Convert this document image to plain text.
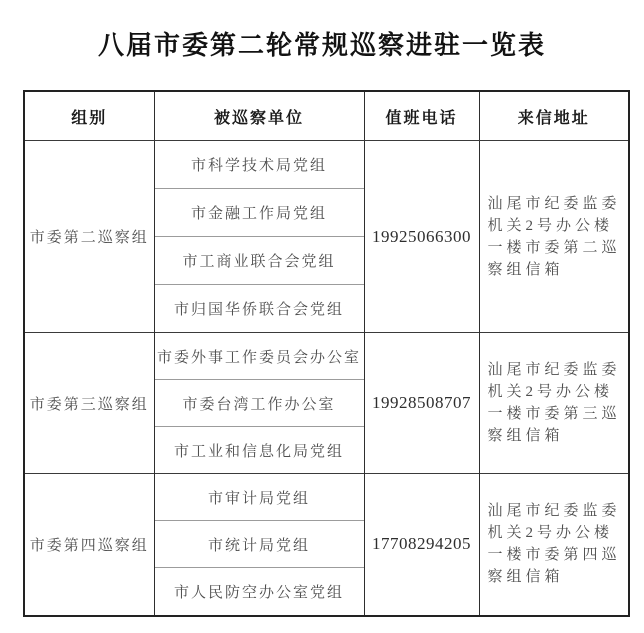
八届市委第二轮常规巡察进驻一览表
组别	被巡察单位	值班电话	来信地址
市委第二巡察组	市科学技术局党组	19925066300	汕尾市纪委监委机关2号办公楼一楼市委第二巡察组信箱
	市金融工作局党组		
	市工商业联合会党组		
	市归国华侨联合会党组		
市委第三巡察组	市委外事工作委员会办公室	19928508707	汕尾市纪委监委机关2号办公楼一楼市委第三巡察组信箱
	市委台湾工作办公室		
	市工业和信息化局党组		
市委第四巡察组	市审计局党组	17708294205	汕尾市纪委监委机关2号办公楼一楼市委第四巡察组信箱
	市统计局党组		
	市人民防空办公室党组		
